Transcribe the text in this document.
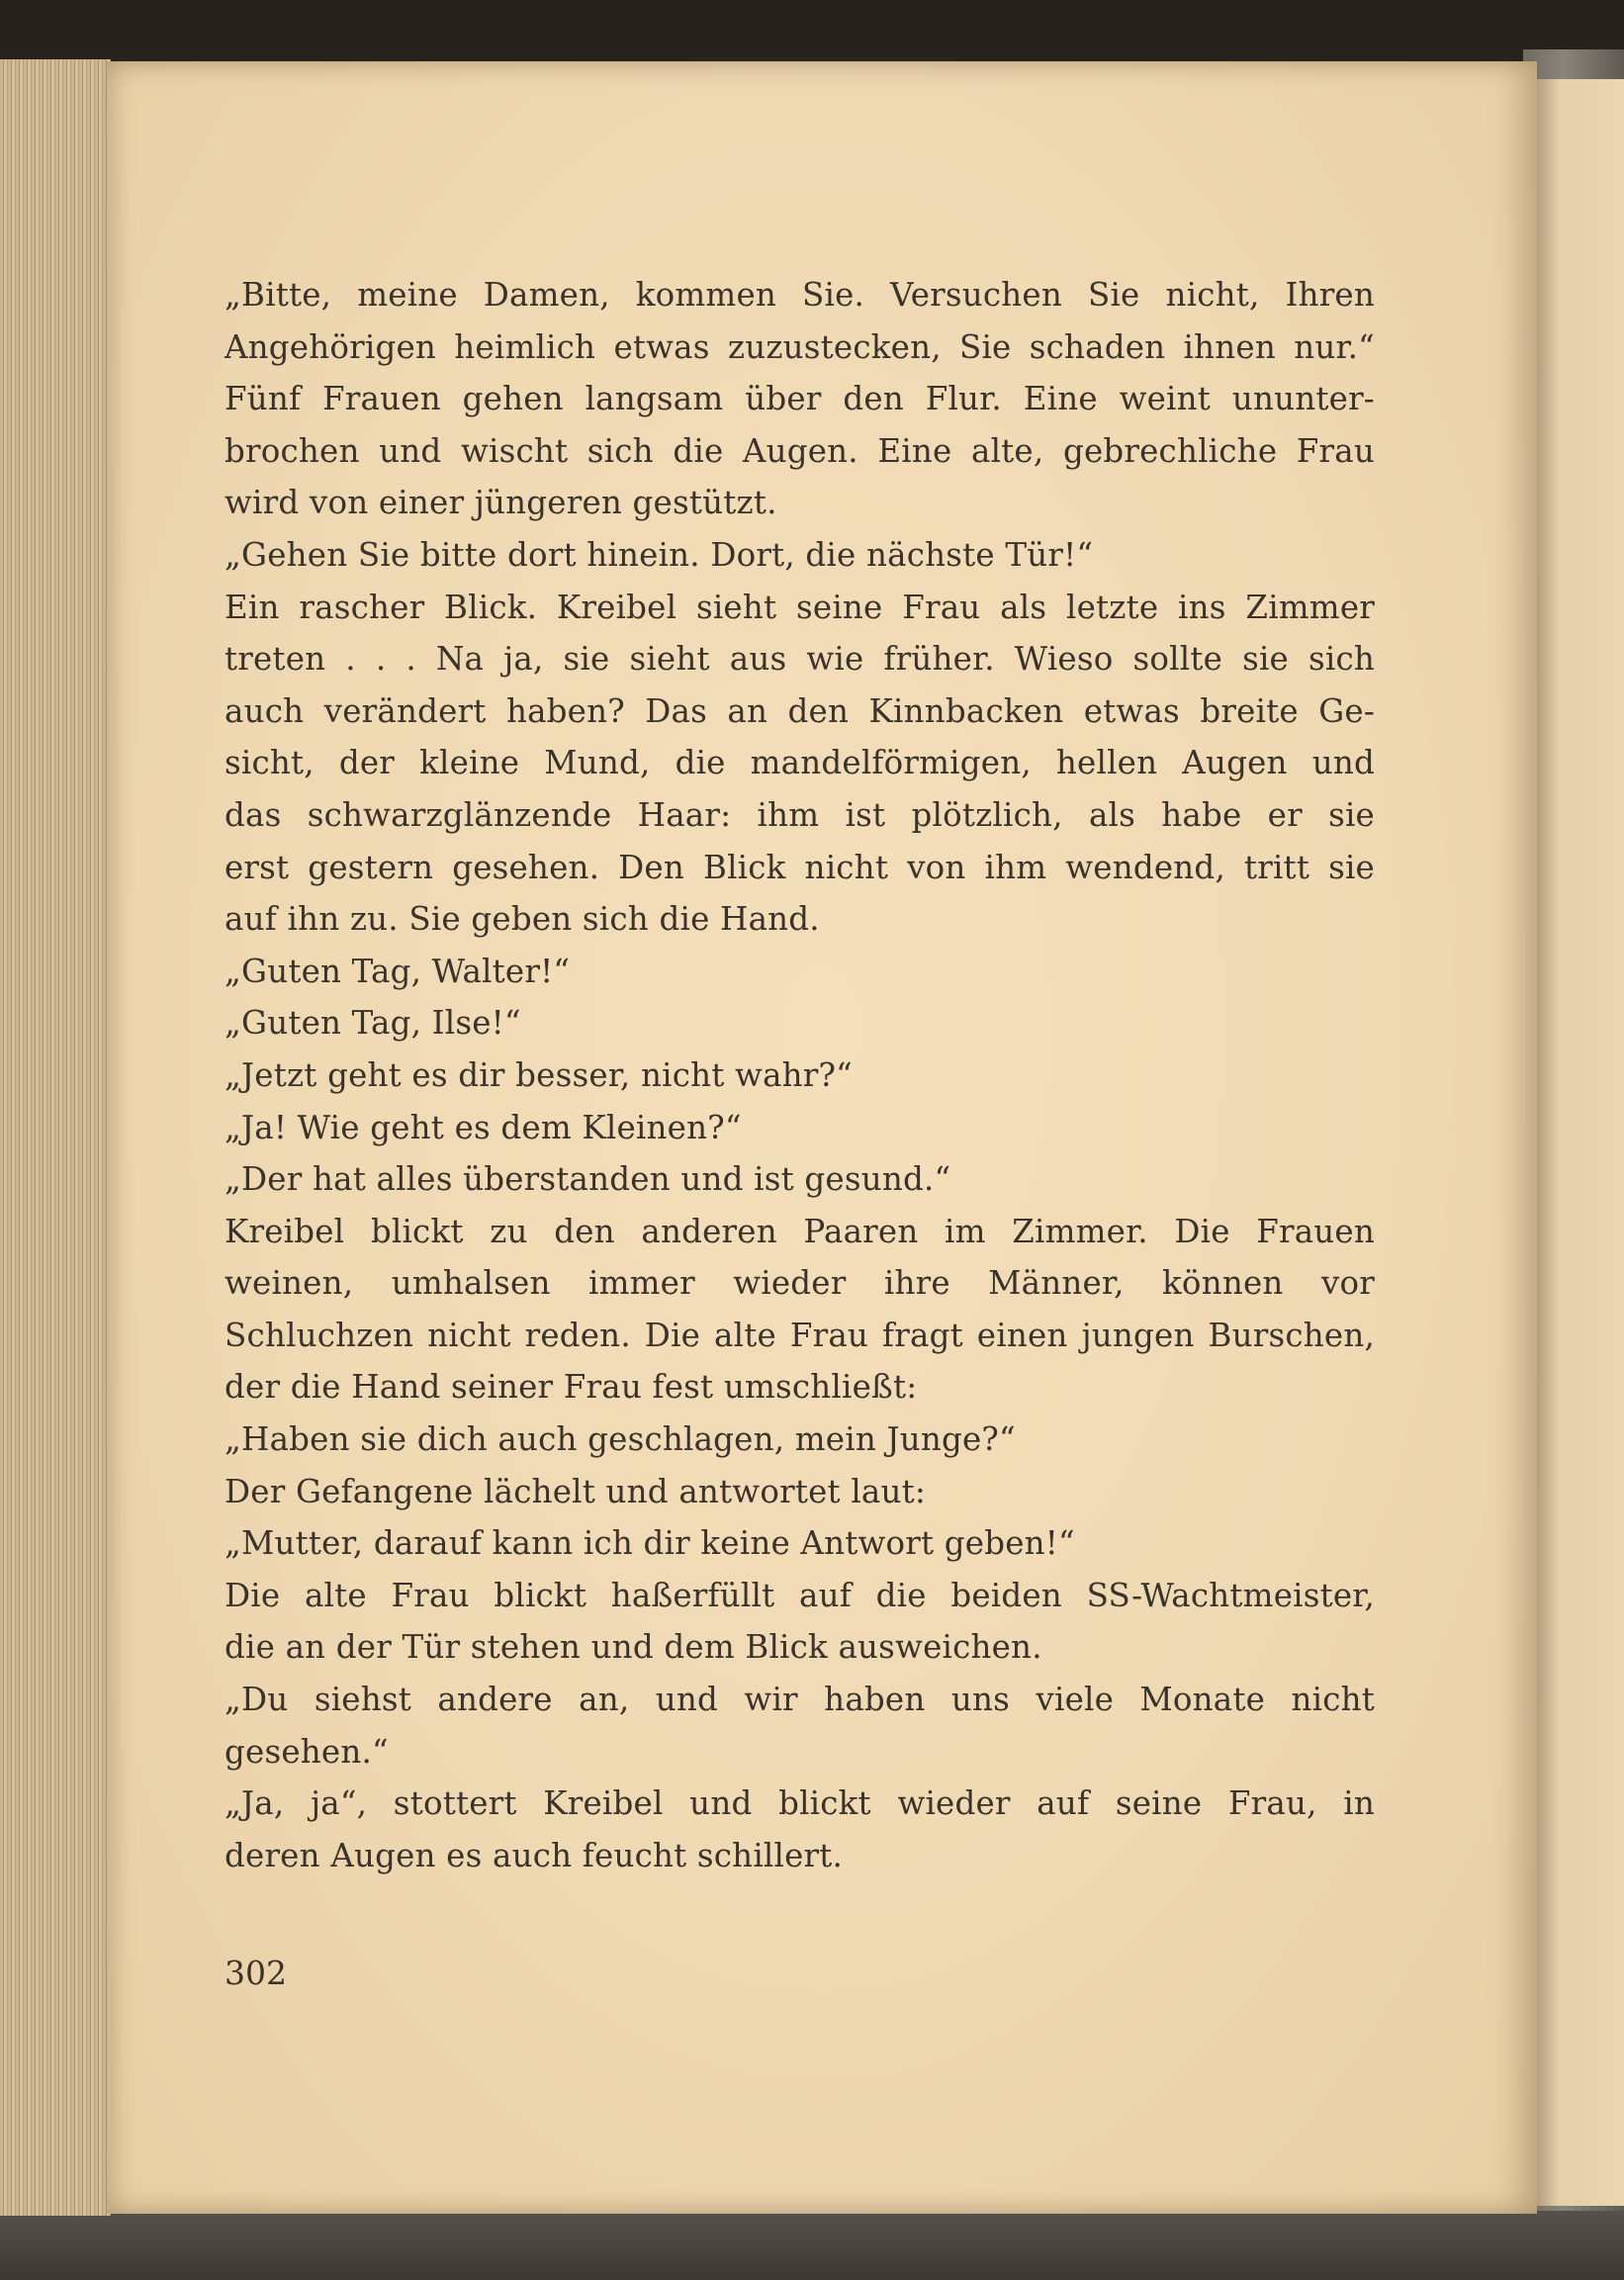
„Bitte, meine Damen, kommen Sie. Versuchen Sie nicht, Ihren
Angehörigen heimlich etwas zuzustecken, Sie schaden ihnen nur.“
Fünf Frauen gehen langsam über den Flur. Eine weint ununter-
brochen und wischt sich die Augen. Eine alte, gebrechliche Frau
wird von einer jüngeren gestützt.
„Gehen Sie bitte dort hinein. Dort, die nächste Tür!“
Ein rascher Blick. Kreibel sieht seine Frau als letzte ins Zimmer
treten . . . Na ja, sie sieht aus wie früher. Wieso sollte sie sich
auch verändert haben? Das an den Kinnbacken etwas breite Ge-
sicht, der kleine Mund, die mandelförmigen, hellen Augen und
das schwarzglänzende Haar: ihm ist plötzlich, als habe er sie
erst gestern gesehen. Den Blick nicht von ihm wendend, tritt sie
auf ihn zu. Sie geben sich die Hand.
„Guten Tag, Walter!“
„Guten Tag, Ilse!“
„Jetzt geht es dir besser, nicht wahr?“
„Ja! Wie geht es dem Kleinen?“
„Der hat alles überstanden und ist gesund.“
Kreibel blickt zu den anderen Paaren im Zimmer. Die Frauen
weinen, umhalsen immer wieder ihre Männer, können vor
Schluchzen nicht reden. Die alte Frau fragt einen jungen Burschen,
der die Hand seiner Frau fest umschließt:
„Haben sie dich auch geschlagen, mein Junge?“
Der Gefangene lächelt und antwortet laut:
„Mutter, darauf kann ich dir keine Antwort geben!“
Die alte Frau blickt haßerfüllt auf die beiden SS-Wachtmeister,
die an der Tür stehen und dem Blick ausweichen.
„Du siehst andere an, und wir haben uns viele Monate nicht
gesehen.“
„Ja, ja“, stottert Kreibel und blickt wieder auf seine Frau, in
deren Augen es auch feucht schillert.
302
